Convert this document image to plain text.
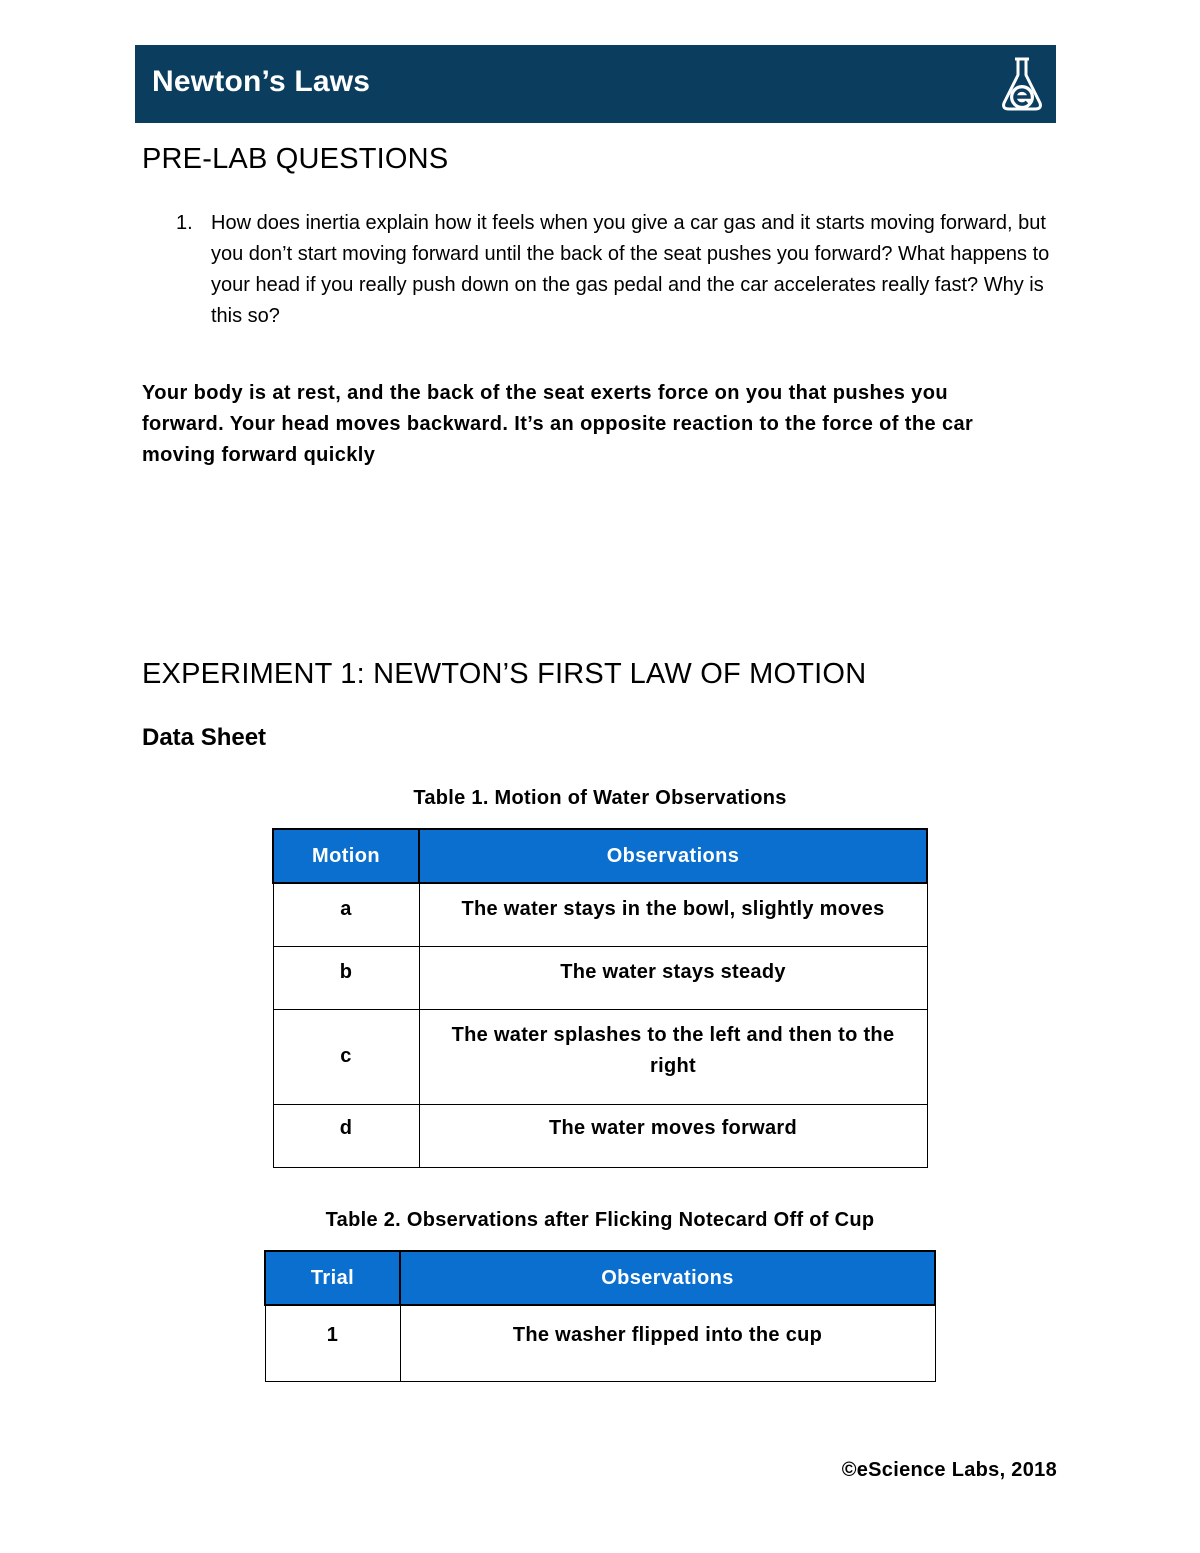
Newton’s Laws
PRE-LAB QUESTIONS
1. How does inertia explain how it feels when you give a car gas and it starts moving forward, but you don’t start moving forward until the back of the seat pushes you forward? What happens to your head if you really push down on the gas pedal and the car accelerates really fast? Why is this so?
Your body is at rest, and the back of the seat exerts force on you that pushes you forward. Your head moves backward. It’s an opposite reaction to the force of the car moving forward quickly
EXPERIMENT 1: NEWTON’S FIRST LAW OF MOTION
Data Sheet
Table 1. Motion of Water Observations
Motion	Observations
a	The water stays in the bowl, slightly moves
b	The water stays steady
c	The water splashes to the left and then to the right
d	The water moves forward
Table 2. Observations after Flicking Notecard Off of Cup
Trial	Observations
1	The washer flipped into the cup
©eScience Labs, 2018
